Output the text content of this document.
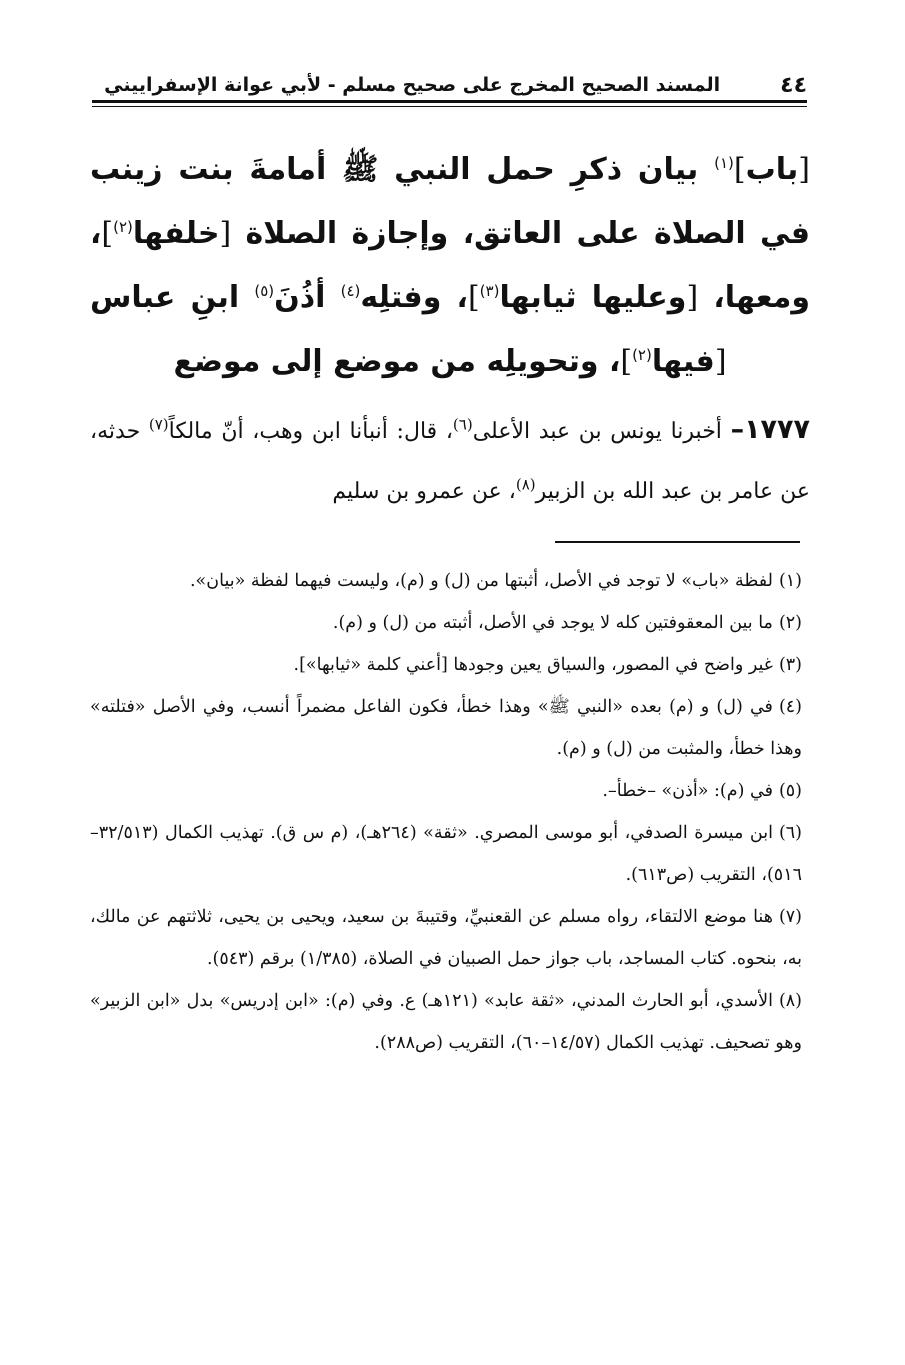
٤٤
المسند الصحيح المخرج على صحيح مسلم - لأبي عوانة الإسفراييني
[باب]$^{(١)}$ بيان ذكرِ حمل النبي ﷺ أمامةَ بنت زينب في الصلاة على العاتق، وإجازة الصلاة [خلفها$^{(٢)}$]، ومعها، [وعليها ثيابها$^{(٣)}$]، وفتلِه$^{(٤)}$ أذُنَ$^{(٥)}$ ابنِ عباس [فيها$^{(٢)}$]، وتحويلِه من موضع إلى موضع
١٧٧٧– أخبرنا يونس بن عبد الأعلى$^{(٦)}$، قال: أنبأنا ابن وهب، أنّ مالكاً$^{(٧)}$ حدثه، عن عامر بن عبد الله بن الزبير$^{(٨)}$، عن عمرو بن سليم

(١)لفظة «باب» لا توجد في الأصل، أثبتها من (ل) و (م)، وليست فيهما لفظة «بيان».

(٢)ما بين المعقوفتين كله لا يوجد في الأصل، أثبته من (ل) و (م).

(٣)غير واضح في المصور، والسياق يعين وجودها [أعني كلمة «ثيابها»].

(٤)في (ل) و (م) بعده «النبي ﷺ» وهذا خطأ، فكون الفاعل مضمراً أنسب، وفي الأصل «فتلته» وهذا خطأ، والمثبت من (ل) و (م).

(٥)في (م): «أذن» –خطأ–.

(٦)ابن ميسرة الصدفي، أبو موسى المصري. «ثقة» (٢٦٤هـ)، (م س ق). تهذيب الكمال (٣٢/٥١٣–٥١٦)، التقريب (ص٦١٣).

(٧)هنا موضع الالتقاء، رواه مسلم عن القعنبيِّ، وقتيبةَ بن سعيد، ويحيى بن يحيى، ثلاثتهم عن مالك، به، بنحوه. كتاب المساجد، باب جواز حمل الصبيان في الصلاة، (١/٣٨٥) برقم (٥٤٣).

(٨)الأسدي، أبو الحارث المدني، «ثقة عابد» (١٢١هـ) ع. وفي (م): «ابن إدريس» بدل «ابن الزبير» وهو تصحيف. تهذيب الكمال (١٤/٥٧–٦٠)، التقريب (ص٢٨٨).
